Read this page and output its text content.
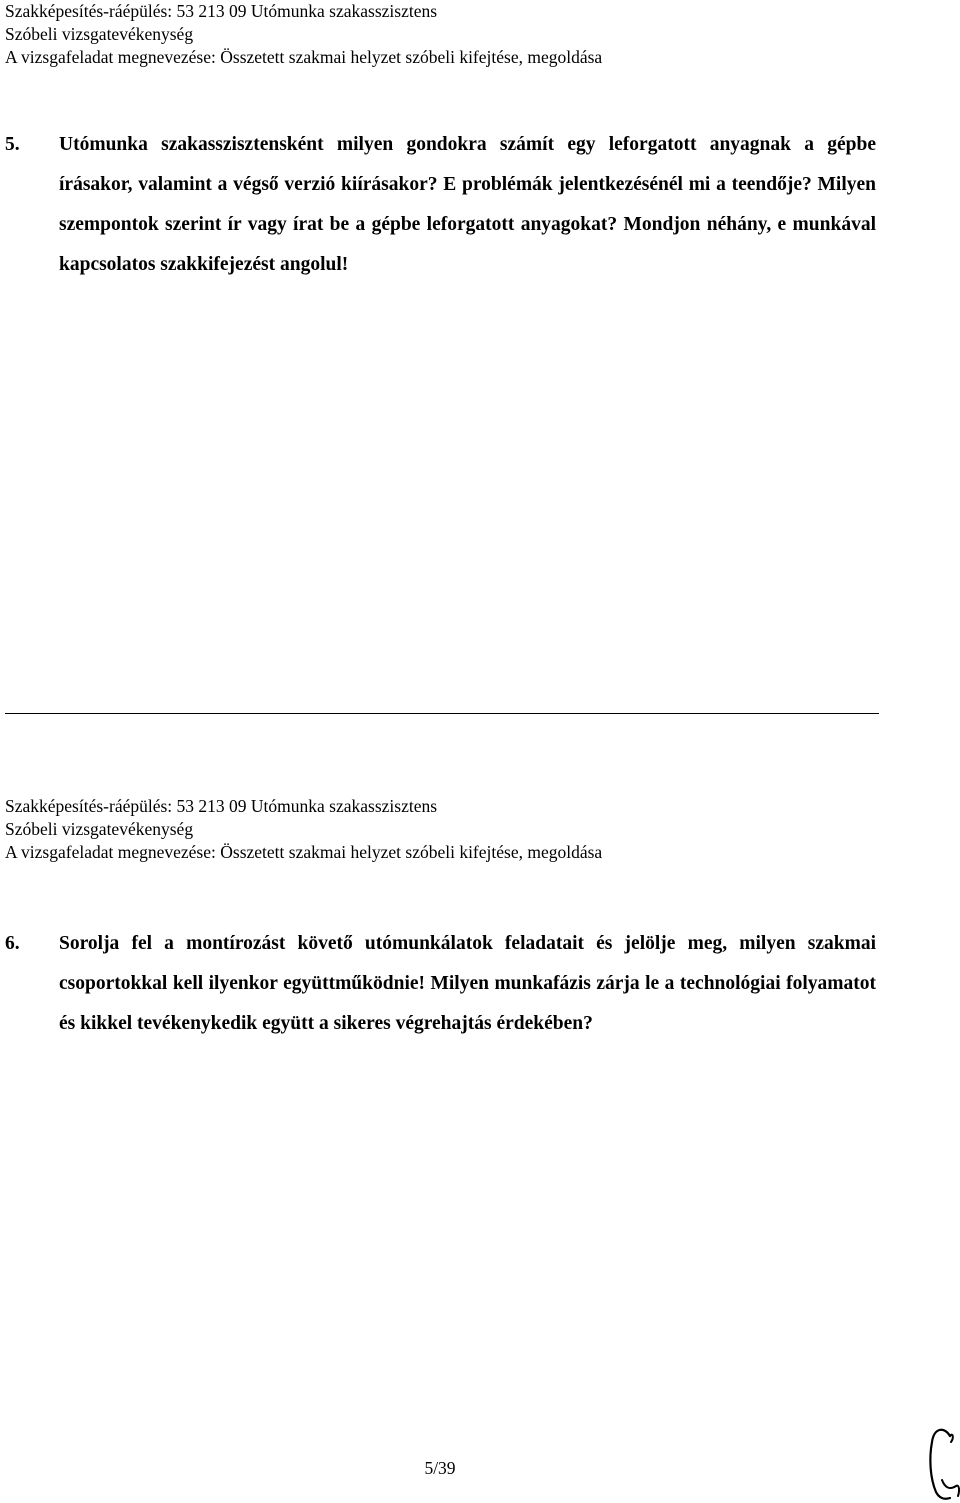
Szakképesítés-ráépülés: 53 213 09 Utómunka szakasszisztens
Szóbeli vizsgatevékenység
A vizsgafeladat megnevezése: Összetett szakmai helyzet szóbeli kifejtése, megoldása
5.	Utómunka szakasszisztensként milyen gondokra számít egy leforgatott anyagnak a gépbe írásakor, valamint a végső verzió kiírásakor? E problémák jelentkezésénél mi a teendője? Milyen szempontok szerint ír vagy írat be a gépbe leforgatott anyagokat? Mondjon néhány, e munkával kapcsolatos szakkifejezést angolul!
Szakképesítés-ráépülés: 53 213 09 Utómunka szakasszisztens
Szóbeli vizsgatevékenység
A vizsgafeladat megnevezése: Összetett szakmai helyzet szóbeli kifejtése, megoldása
6.	Sorolja fel a montírozást követő utómunkálatok feladatait és jelölje meg, milyen szakmai csoportokkal kell ilyenkor együttműködnie! Milyen munkafázis zárja le a technológiai folyamatot és kikkel tevékenykedik együtt a sikeres végrehajtás érdekében?
5/39
